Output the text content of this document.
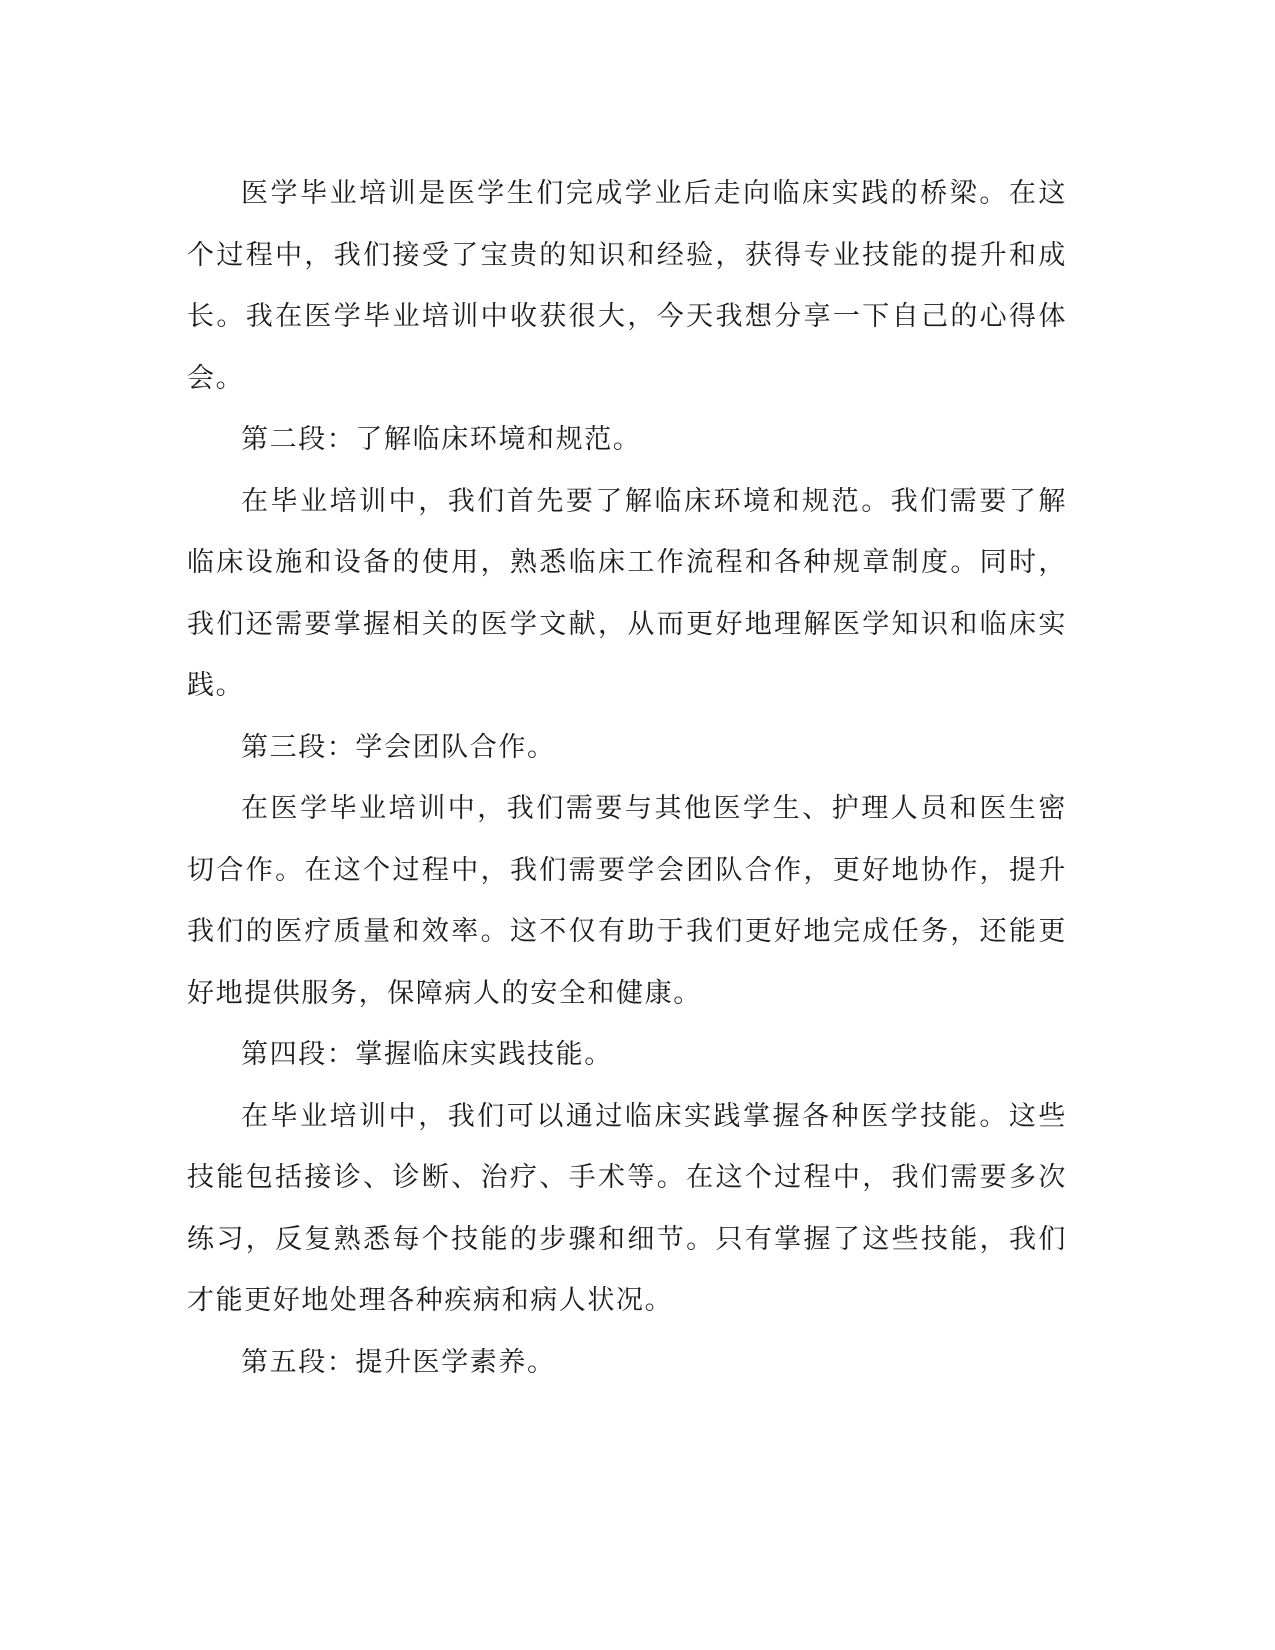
医学毕业培训是医学生们完成学业后走向临床实践的桥梁。在这个过程中，我们接受了宝贵的知识和经验，获得专业技能的提升和成长。我在医学毕业培训中收获很大，今天我想分享一下自己的心得体会。

第二段：了解临床环境和规范。

在毕业培训中，我们首先要了解临床环境和规范。我们需要了解临床设施和设备的使用，熟悉临床工作流程和各种规章制度。同时，我们还需要掌握相关的医学文献，从而更好地理解医学知识和临床实践。

第三段：学会团队合作。

在医学毕业培训中，我们需要与其他医学生、护理人员和医生密切合作。在这个过程中，我们需要学会团队合作，更好地协作，提升我们的医疗质量和效率。这不仅有助于我们更好地完成任务，还能更好地提供服务，保障病人的安全和健康。

第四段：掌握临床实践技能。

在毕业培训中，我们可以通过临床实践掌握各种医学技能。这些技能包括接诊、诊断、治疗、手术等。在这个过程中，我们需要多次练习，反复熟悉每个技能的步骤和细节。只有掌握了这些技能，我们才能更好地处理各种疾病和病人状况。

第五段：提升医学素养。
